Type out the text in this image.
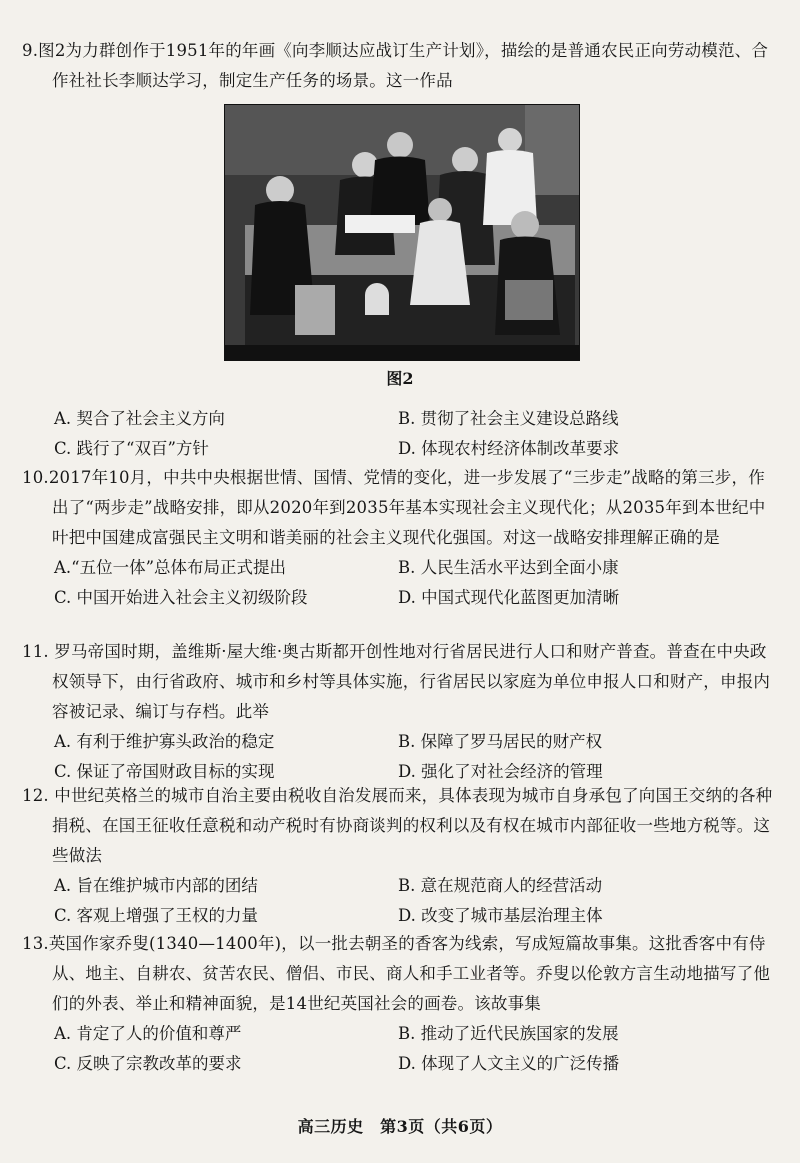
9.图2为力群创作于1951年的年画《向李顺达应战订生产计划》，描绘的是普通农民正向劳动模范、合作社社长李顺达学习，制定生产任务的场景。这一作品
图2
A. 契合了社会主义方向	B. 贯彻了社会主义建设总路线
C. 践行了“双百”方针	D. 体现农村经济体制改革要求
10.2017年10月，中共中央根据世情、国情、党情的变化，进一步发展了“三步走”战略的第三步，作出了“两步走”战略安排，即从2020年到2035年基本实现社会主义现代化；从2035年到本世纪中叶把中国建成富强民主文明和谐美丽的社会主义现代化强国。对这一战略安排理解正确的是
A.“五位一体”总体布局正式提出	B. 人民生活水平达到全面小康
C. 中国开始进入社会主义初级阶段	D. 中国式现代化蓝图更加清晰
11. 罗马帝国时期，盖维斯·屋大维·奥古斯都开创性地对行省居民进行人口和财产普查。普查在中央政权领导下，由行省政府、城市和乡村等具体实施，行省居民以家庭为单位申报人口和财产，申报内容被记录、编订与存档。此举
A. 有利于维护寡头政治的稳定	B. 保障了罗马居民的财产权
C. 保证了帝国财政目标的实现	D. 强化了对社会经济的管理
12. 中世纪英格兰的城市自治主要由税收自治发展而来，具体表现为城市自身承包了向国王交纳的各种捐税、在国王征收任意税和动产税时有协商谈判的权利以及有权在城市内部征收一些地方税等。这些做法
A. 旨在维护城市内部的团结	B. 意在规范商人的经营活动
C. 客观上增强了王权的力量	D. 改变了城市基层治理主体
13.英国作家乔叟(1340—1400年)，以一批去朝圣的香客为线索，写成短篇故事集。这批香客中有侍从、地主、自耕农、贫苦农民、僧侣、市民、商人和手工业者等。乔叟以伦敦方言生动地描写了他们的外表、举止和精神面貌，是14世纪英国社会的画卷。该故事集
A. 肯定了人的价值和尊严	B. 推动了近代民族国家的发展
C. 反映了宗教改革的要求	D. 体现了人文主义的广泛传播
高三历史　第3页（共6页）
